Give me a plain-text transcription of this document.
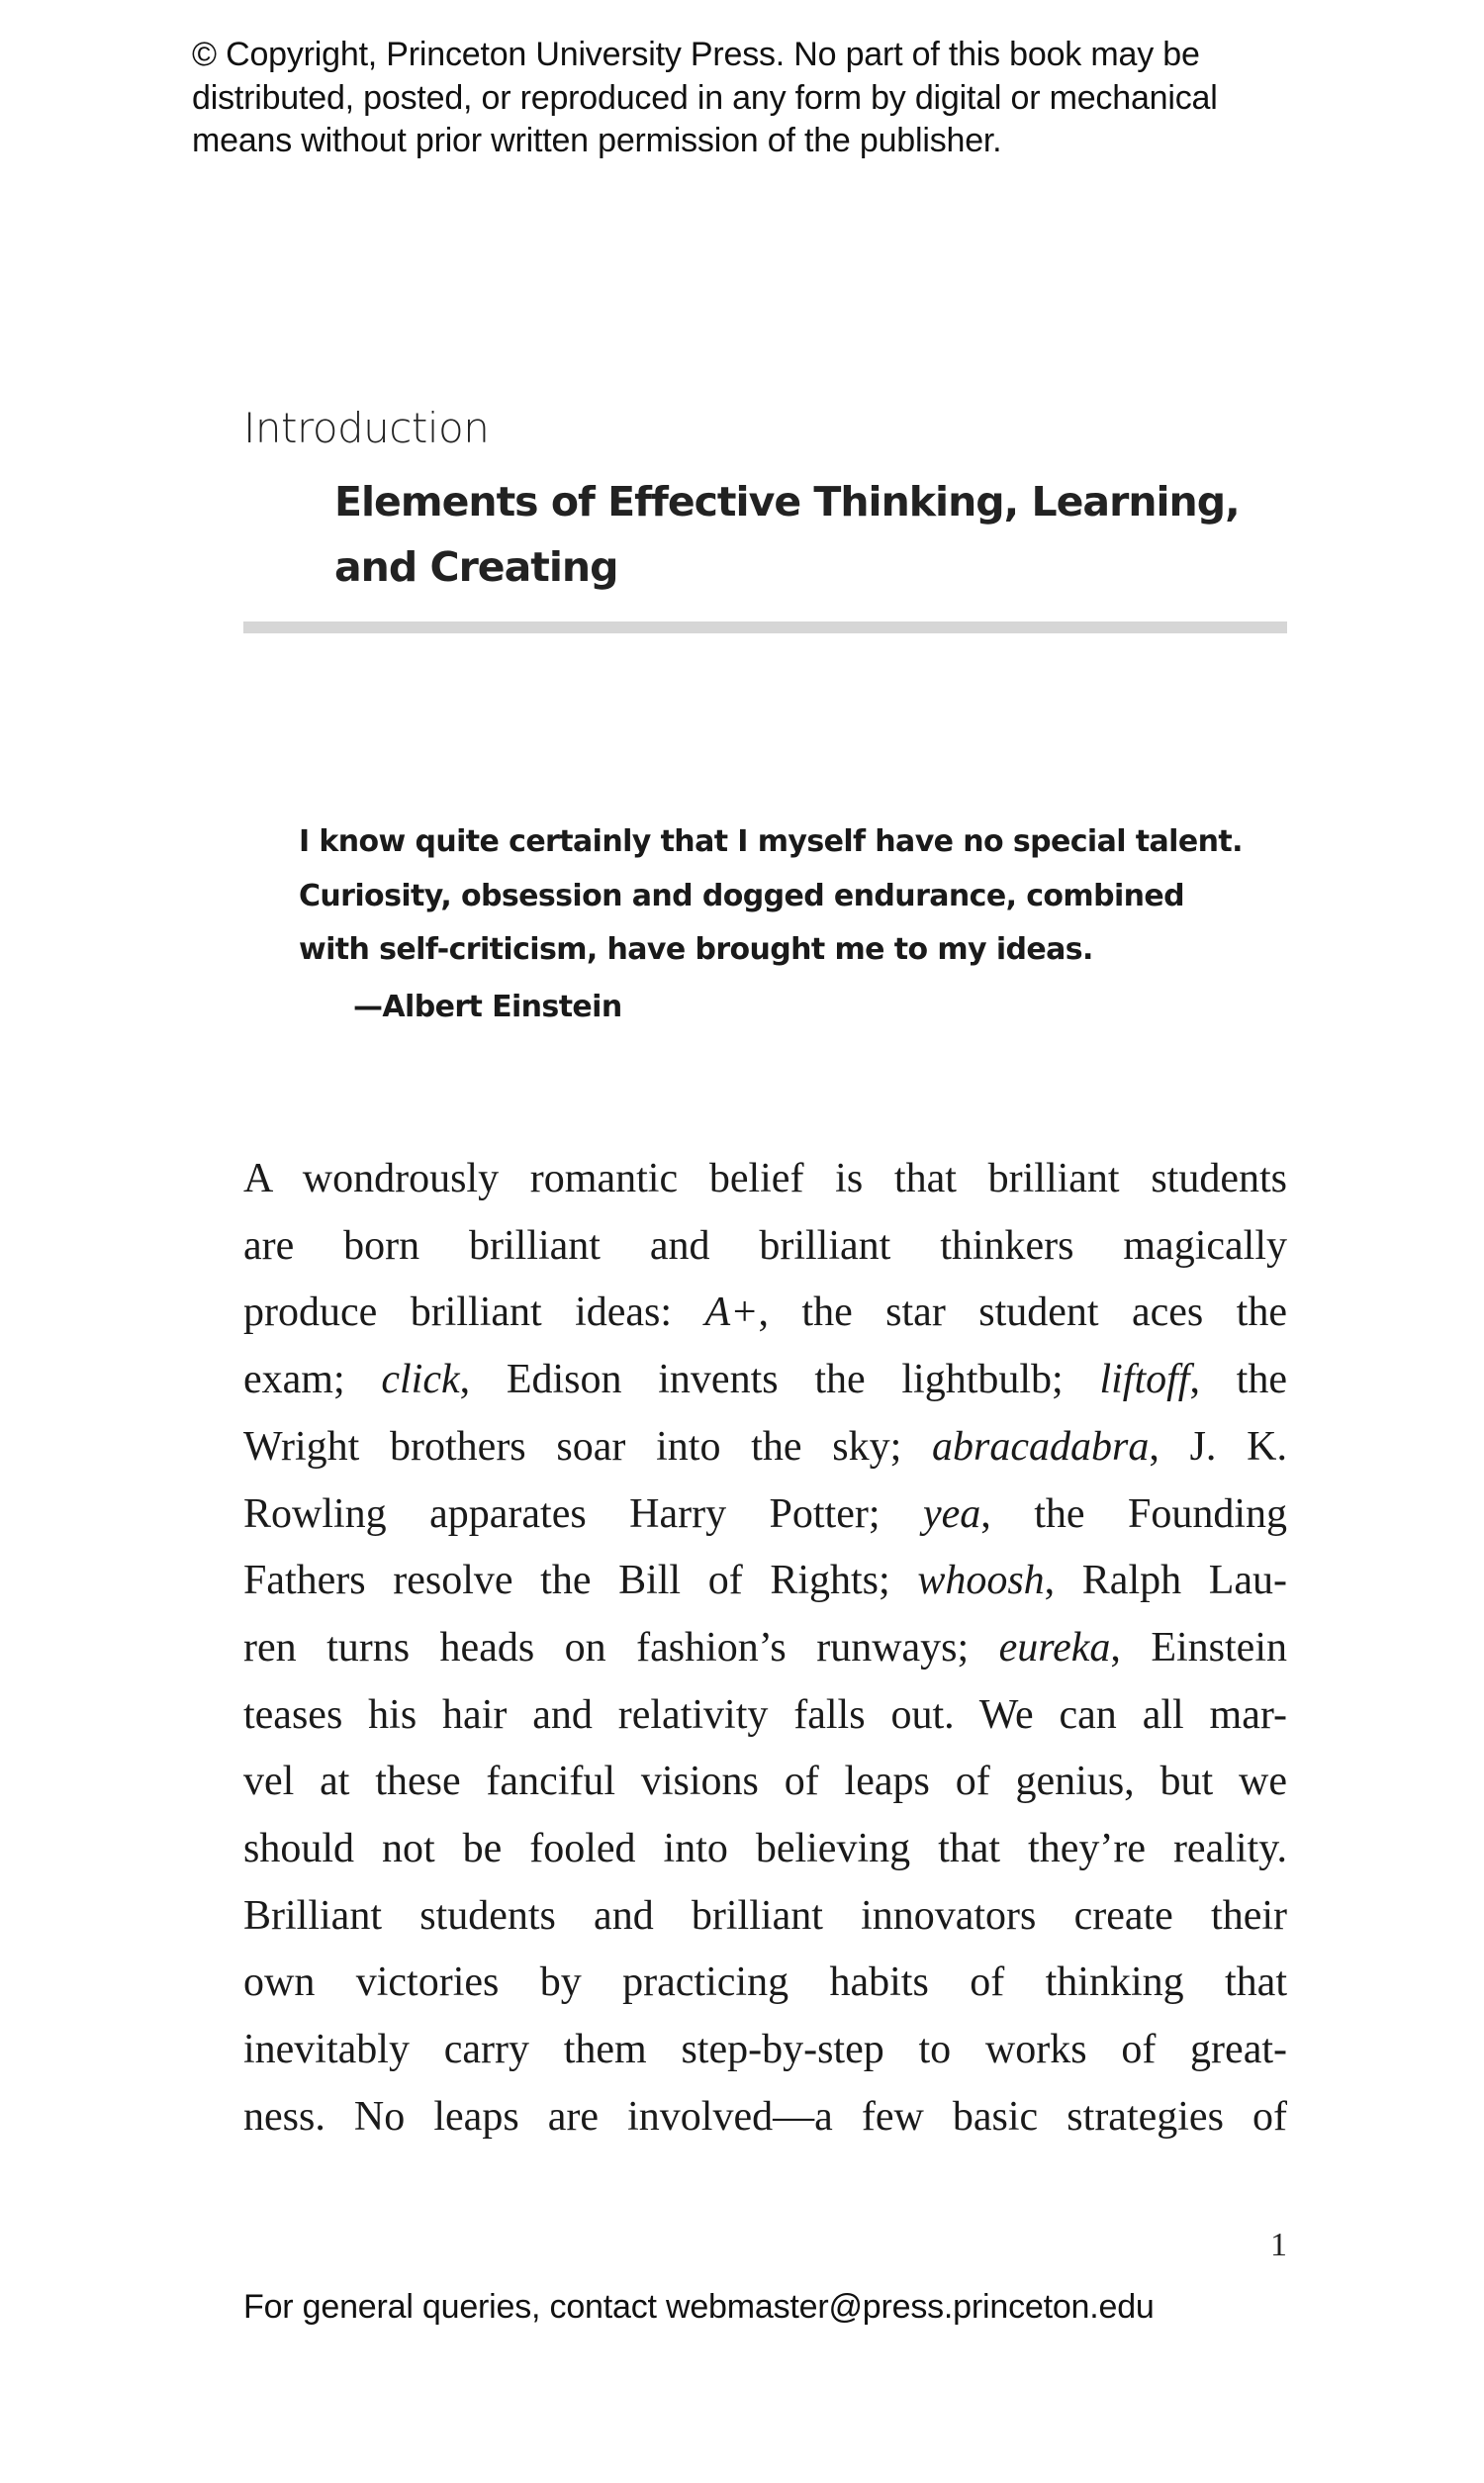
© Copyright, Princeton University Press. No part of this book may be
distributed, posted, or reproduced in any form by digital or mechanical
means without prior written permission of the publisher.
Introduction
Elements of Effective Thinking, Learning,
and Creating
I know quite certainly that I myself have no special talent.
Curiosity, obsession and dogged endurance, combined
with self-criticism, have brought me to my ideas.
—Albert Einstein
A wondrously romantic belief is that brilliant students
are born brilliant and brilliant thinkers magically
produce brilliant ideas: A+, the star student aces the
exam; click, Edison invents the lightbulb; liftoff, the
Wright brothers soar into the sky; abracadabra, J. K.
Rowling apparates Harry Potter; yea, the Founding
Fathers resolve the Bill of Rights; whoosh, Ralph Lau-
ren turns heads on fashion’s runways; eureka, Einstein
teases his hair and relativity falls out. We can all mar-
vel at these fanciful visions of leaps of genius, but we
should not be fooled into believing that they’re reality.
Brilliant students and brilliant innovators create their
own victories by practicing habits of thinking that
inevitably carry them step-by-step to works of great-
ness. No leaps are involved—a few basic strategies of
1
For general queries, contact webmaster@press.princeton.edu
